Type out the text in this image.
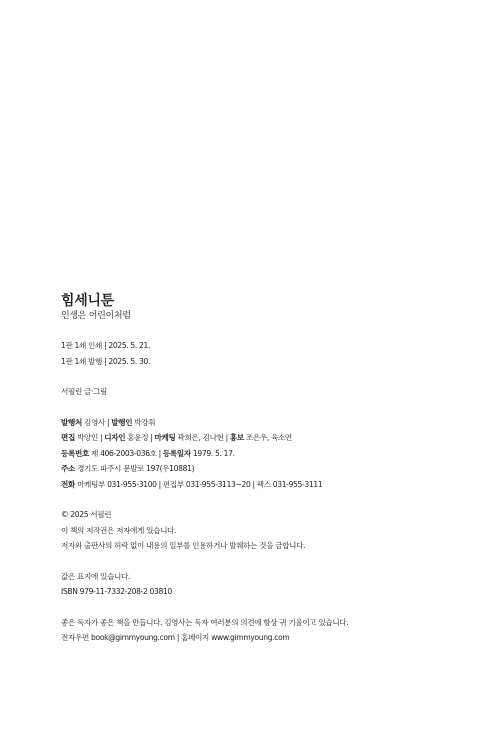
힘세니툰

인생은 어린이처럼

1판 1쇄 인쇄 | 2025. 5. 21.

1판 1쇄 발행 | 2025. 5. 30.

서필린 글·그림

발행처 김영사 | 발행인 박강휘

편집 박양인 | 디자인 홍윤정 | 마케팅 곽희은, 김나현 | 홍보 조은우, 육소연

등록번호 제 406-2003-036호 | 등록일자 1979. 5. 17.

주소 경기도 파주시 문발로 197(우10881)

전화 마케팅부 031-955-3100 | 편집부 031-955-3113~20 | 팩스 031-955-3111

© 2025 서필린

이 책의 저작권은 저자에게 있습니다.

저자와 출판사의 허락 없이 내용의 일부를 인용하거나 발췌하는 것을 금합니다.

값은 표지에 있습니다.

ISBN 979-11-7332-208-2 03810

좋은 독자가 좋은 책을 만듭니다. 김영사는 독자 여러분의 의견에 항상 귀 기울이고 있습니다.

전자우편 book@gimmyoung.com | 홈페이지 www.gimmyoung.com
